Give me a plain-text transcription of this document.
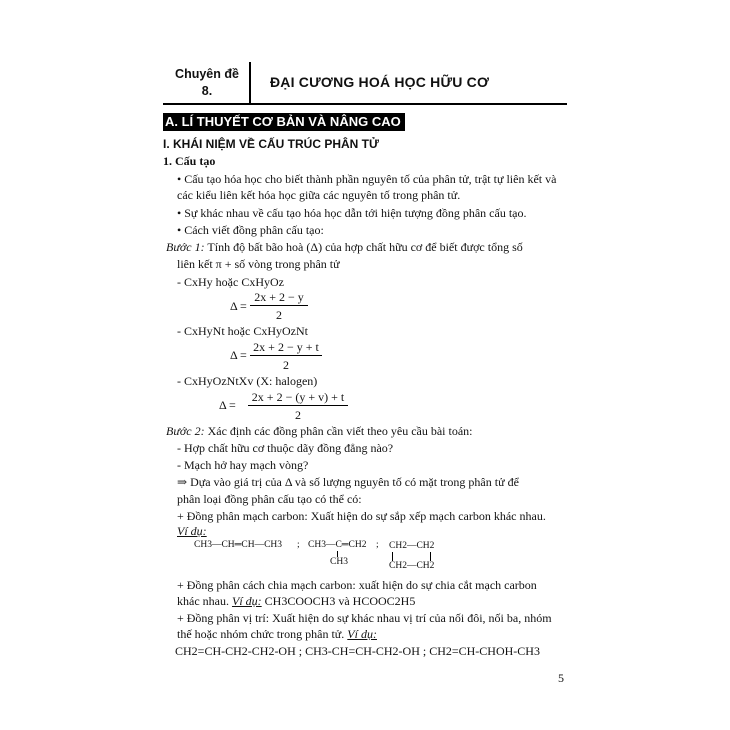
Chuyên đề
8.
ĐẠI CƯƠNG HOÁ HỌC HỮU CƠ
A. LÍ THUYẾT CƠ BẢN VÀ NÂNG CAO
I. KHÁI NIỆM VỀ CẤU TRÚC PHÂN TỬ
1. Cấu tạo
• Cấu tạo hóa học cho biết thành phần nguyên tố của phân tử, trật tự liên kết và
các kiểu liên kết hóa học giữa các nguyên tố trong phân tử.
• Sự khác nhau về cấu tạo hóa học dẫn tới hiện tượng đồng phân cấu tạo.
• Cách viết đồng phân cấu tạo:
Bước 1: Tính độ bất bão hoà (Δ) của hợp chất hữu cơ để biết được tổng số
liên kết π + số vòng trong phân tử
- CxHy hoặc CxHyOz
Δ =
2x + 2 − y
2
- CxHyNt hoặc CxHyOzNt
Δ =
2x + 2 − y + t
2
- CxHyOzNtXv (X: halogen)
Δ =
2x + 2 − (y + v) + t
2
Bước 2: Xác định các đồng phân cần viết theo yêu cầu bài toán:
- Hợp chất hữu cơ thuộc dãy đồng đẳng nào?
- Mạch hở hay mạch vòng?
⇒ Dựa vào giá trị của Δ và số lượng nguyên tố có mặt trong phân tử để
phân loại đồng phân cấu tạo có thể có:
+ Đồng phân mạch carbon: Xuất hiện do sự sắp xếp mạch carbon khác nhau.
Ví dụ:
CH3—CH═CH—CH3 ; CH3—C═CH2
CH3
; CH2—CH2
CH2—CH2
+ Đồng phân cách chia mạch carbon: xuất hiện do sự chia cắt mạch carbon
khác nhau. Ví dụ: CH3COOCH3 và HCOOC2H5
+ Đồng phân vị trí: Xuất hiện do sự khác nhau vị trí của nối đôi, nối ba, nhóm
thế hoặc nhóm chức trong phân tử. Ví dụ:
CH2=CH-CH2-CH2-OH ; CH3-CH=CH-CH2-OH ; CH2=CH-CHOH-CH3
5
